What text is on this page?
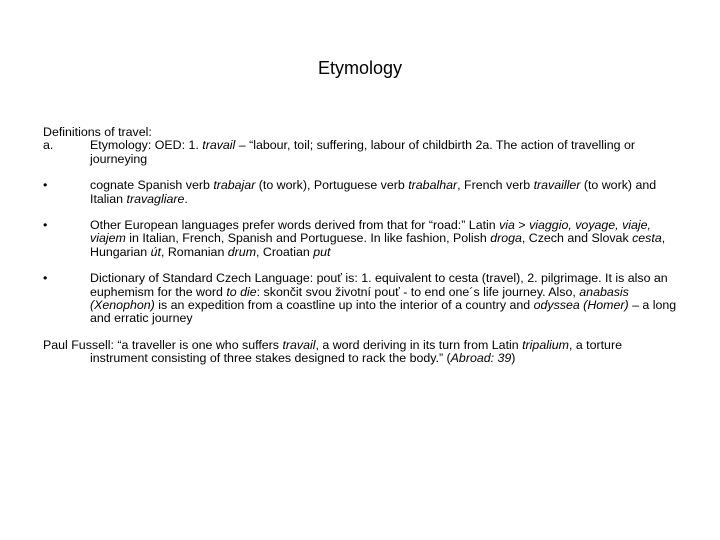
Etymology

Definitions of travel:

a.	Etymology: OED: 1. travail – “labour, toil; suffering, labour of childbirth 2a. The action of travelling or journeying
•	cognate Spanish verb trabajar (to work), Portuguese verb trabalhar, French verb travailler (to work) and Italian travagliare.
•	Other European languages prefer words derived from that for “road:” Latin via > viaggio, voyage, viaje, viajem in Italian, French, Spanish and Portuguese. In like fashion, Polish droga, Czech and Slovak cesta, Hungarian út, Romanian drum, Croatian put
•	Dictionary of Standard Czech Language: pouť is: 1. equivalent to cesta (travel), 2. pilgrimage. It is also an euphemism for the word to die: skončit svou životní pouť - to end one´s life journey. Also, anabasis (Xenophon) is an expedition from a coastline up into the interior of a country and odyssea (Homer) – a long and erratic journey

Paul Fussell: “a traveller is one who suffers travail, a word deriving in its turn from Latin tripalium, a torture instrument consisting of three stakes designed to rack the body.” (Abroad: 39)
